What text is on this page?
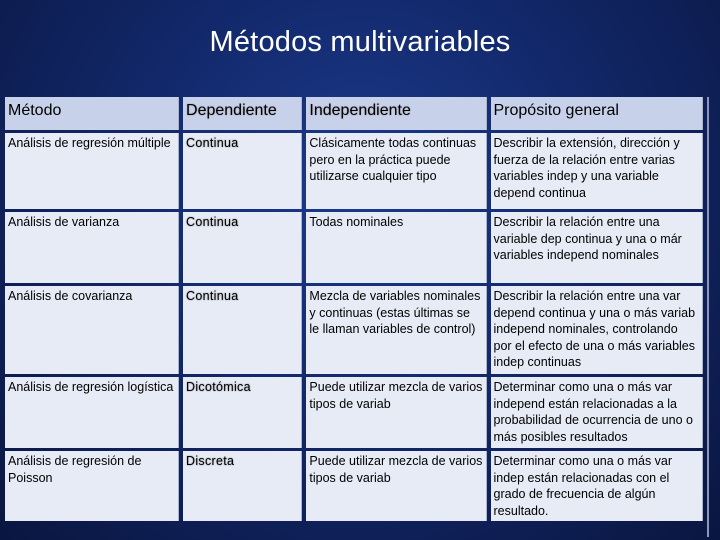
Métodos multivariables
Método	Dependiente	Independiente	Propósito general
Análisis de regresión múltiple	Continua	Clásicamente todas continuas pero en la práctica puede utilizarse cualquier tipo	Describir la extensión, dirección y fuerza de la relación entre varias variables indep y una variable depend continua
Análisis de varianza	Continua	Todas nominales	Describir la relación entre una variable dep continua y una o már variables independ nominales
Análisis de covarianza	Continua	Mezcla de variables nominales y continuas (estas últimas se le llaman variables de control)	Describir la relación entre una var depend continua y una o más variab independ nominales, controlando por el efecto de una o más variables indep continuas
Análisis de regresión logística	Dicotómica	Puede utilizar mezcla de varios tipos de variab	Determinar como una o más var independ están relacionadas a la probabilidad de ocurrencia de uno o más posibles resultados
Análisis de regresión de Poisson	Discreta	Puede utilizar mezcla de varios tipos de variab	Determinar como una o más var indep están relacionadas con el grado de frecuencia de algún resultado.
